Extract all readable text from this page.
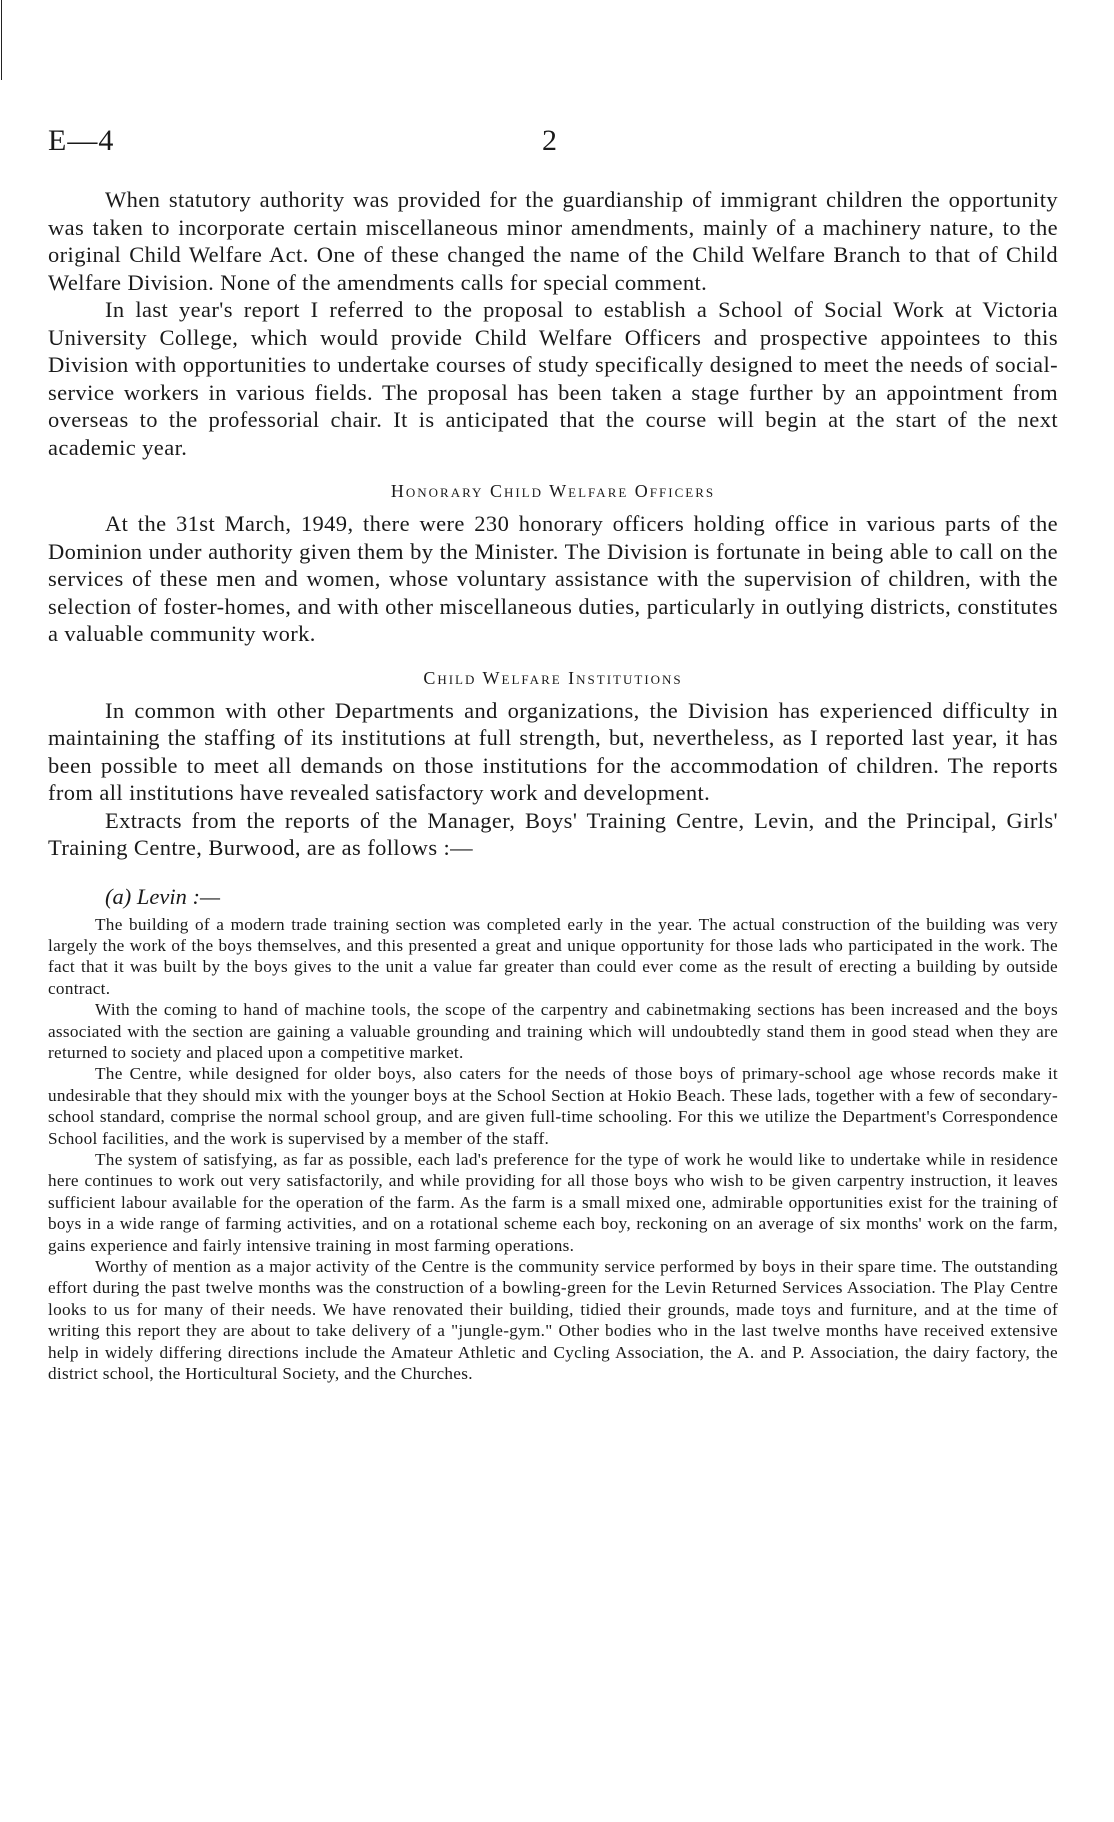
E—4	2

When statutory authority was provided for the guardianship of immigrant children the opportunity was taken to incorporate certain miscellaneous minor amendments, mainly of a machinery nature, to the original Child Welfare Act. One of these changed the name of the Child Welfare Branch to that of Child Welfare Division. None of the amendments calls for special comment.

In last year's report I referred to the proposal to establish a School of Social Work at Victoria University College, which would provide Child Welfare Officers and prospective appointees to this Division with opportunities to undertake courses of study specifically designed to meet the needs of social-service workers in various fields. The proposal has been taken a stage further by an appointment from overseas to the professorial chair. It is anticipated that the course will begin at the start of the next academic year.

Honorary Child Welfare Officers

At the 31st March, 1949, there were 230 honorary officers holding office in various parts of the Dominion under authority given them by the Minister. The Division is fortunate in being able to call on the services of these men and women, whose voluntary assistance with the supervision of children, with the selection of foster-homes, and with other miscellaneous duties, particularly in outlying districts, constitutes a valuable community work.

Child Welfare Institutions

In common with other Departments and organizations, the Division has experienced difficulty in maintaining the staffing of its institutions at full strength, but, nevertheless, as I reported last year, it has been possible to meet all demands on those institutions for the accommodation of children. The reports from all institutions have revealed satisfactory work and development.

Extracts from the reports of the Manager, Boys' Training Centre, Levin, and the Principal, Girls' Training Centre, Burwood, are as follows :—

(a) Levin :—

The building of a modern trade training section was completed early in the year. The actual construction of the building was very largely the work of the boys themselves, and this presented a great and unique opportunity for those lads who participated in the work. The fact that it was built by the boys gives to the unit a value far greater than could ever come as the result of erecting a building by outside contract.

With the coming to hand of machine tools, the scope of the carpentry and cabinetmaking sections has been increased and the boys associated with the section are gaining a valuable grounding and training which will undoubtedly stand them in good stead when they are returned to society and placed upon a competitive market.

The Centre, while designed for older boys, also caters for the needs of those boys of primary-school age whose records make it undesirable that they should mix with the younger boys at the School Section at Hokio Beach. These lads, together with a few of secondary-school standard, comprise the normal school group, and are given full-time schooling. For this we utilize the Department's Correspondence School facilities, and the work is supervised by a member of the staff.

The system of satisfying, as far as possible, each lad's preference for the type of work he would like to undertake while in residence here continues to work out very satisfactorily, and while providing for all those boys who wish to be given carpentry instruction, it leaves sufficient labour available for the operation of the farm. As the farm is a small mixed one, admirable opportunities exist for the training of boys in a wide range of farming activities, and on a rotational scheme each boy, reckoning on an average of six months' work on the farm, gains experience and fairly intensive training in most farming operations.

Worthy of mention as a major activity of the Centre is the community service performed by boys in their spare time. The outstanding effort during the past twelve months was the construction of a bowling-green for the Levin Returned Services Association. The Play Centre looks to us for many of their needs. We have renovated their building, tidied their grounds, made toys and furniture, and at the time of writing this report they are about to take delivery of a "jungle-gym." Other bodies who in the last twelve months have received extensive help in widely differing directions include the Amateur Athletic and Cycling Association, the A. and P. Association, the dairy factory, the district school, the Horticultural Society, and the Churches.
